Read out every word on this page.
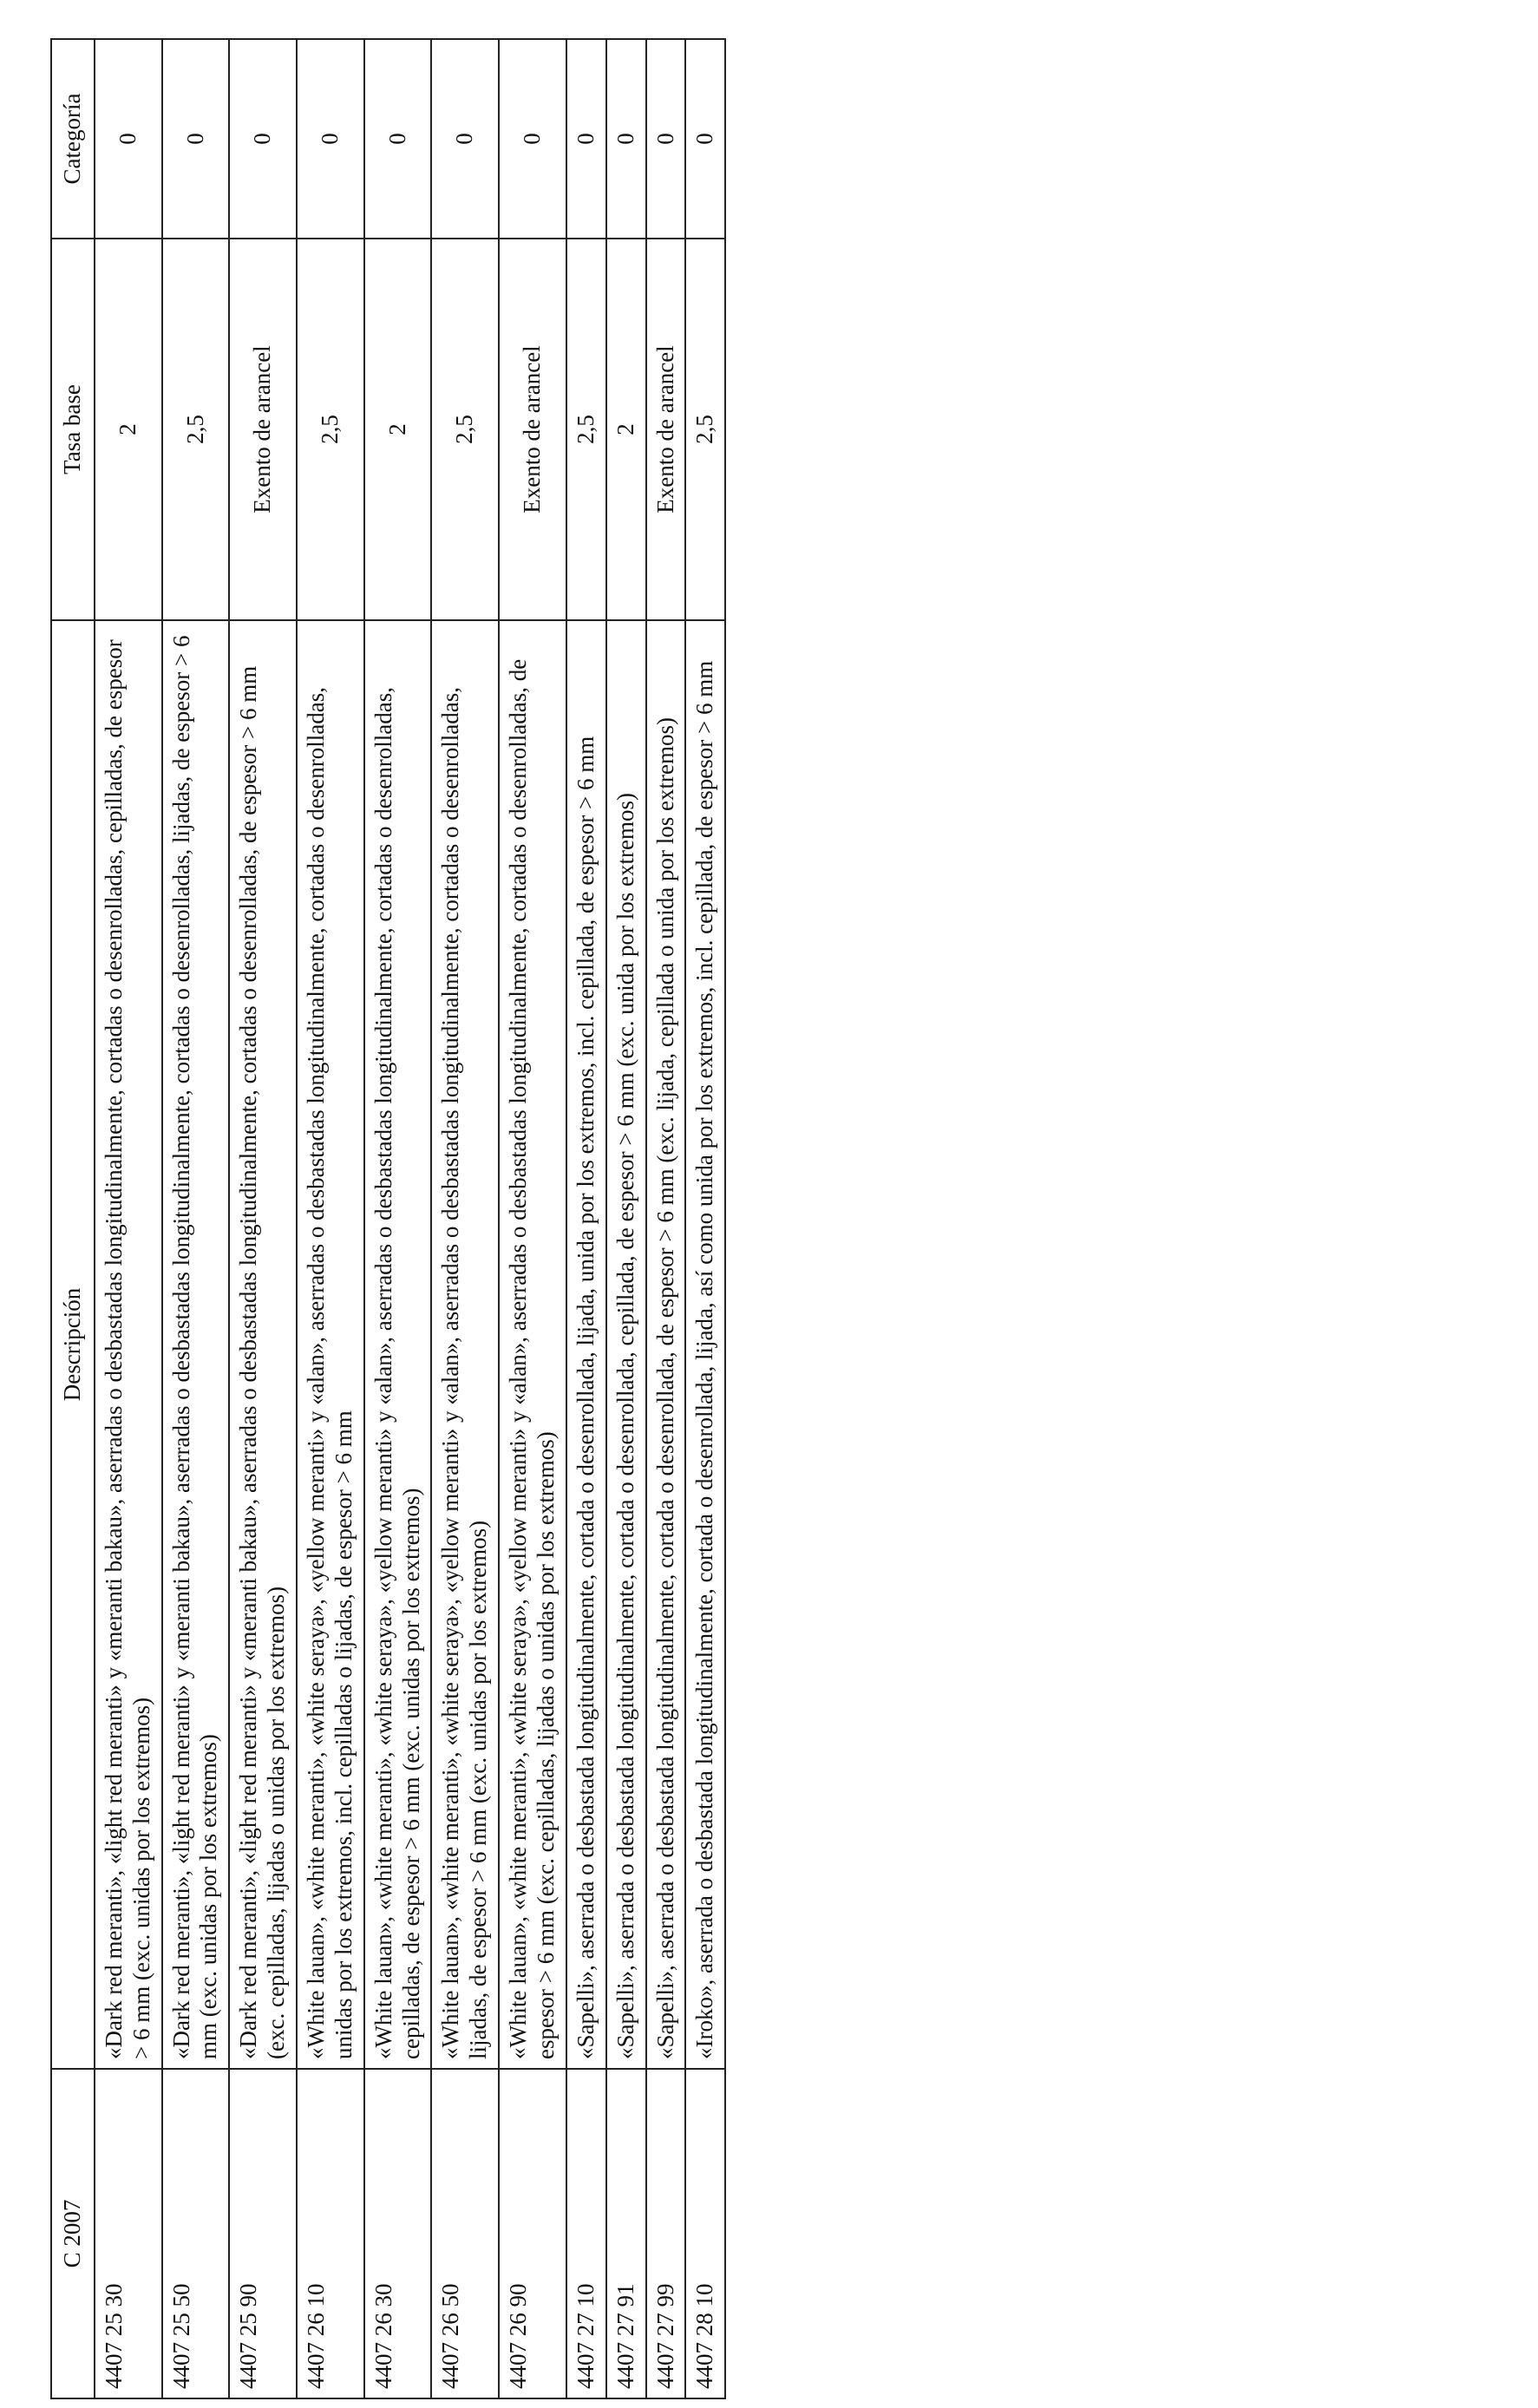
C 2007	Descripción	Tasa base	Categoría
4407 25 30	«Dark red meranti», «light red meranti» y «meranti bakau», aserradas o desbastadas longitudinalmente, cortadas o desenrolladas, cepilladas, de espesor > 6 mm (exc. unidas por los extremos)	2	0
4407 25 50	«Dark red meranti», «light red meranti» y «meranti bakau», aserradas o desbastadas longitudinalmente, cortadas o desenrolladas, lijadas, de espesor > 6 mm (exc. unidas por los extremos)	2,5	0
4407 25 90	«Dark red meranti», «light red meranti» y «meranti bakau», aserradas o desbastadas longitudinalmente, cortadas o desenrolladas, de espesor > 6 mm (exc. cepilladas, lijadas o unidas por los extremos)	Exento de arancel	0
4407 26 10	«White lauan», «white meranti», «white seraya», «yellow meranti» y «alan», aserradas o desbastadas longitudinalmente, cortadas o desenrolladas, unidas por los extremos, incl. cepilladas o lijadas, de espesor > 6 mm	2,5	0
4407 26 30	«White lauan», «white meranti», «white seraya», «yellow meranti» y «alan», aserradas o desbastadas longitudinalmente, cortadas o desenrolladas, cepilladas, de espesor > 6 mm (exc. unidas por los extremos)	2	0
4407 26 50	«White lauan», «white meranti», «white seraya», «yellow meranti» y «alan», aserradas o desbastadas longitudinalmente, cortadas o desenrolladas, lijadas, de espesor > 6 mm (exc. unidas por los extremos)	2,5	0
4407 26 90	«White lauan», «white meranti», «white seraya», «yellow meranti» y «alan», aserradas o desbastadas longitudinalmente, cortadas o desenrolladas, de espesor > 6 mm (exc. cepilladas, lijadas o unidas por los extremos)	Exento de arancel	0
4407 27 10	«Sapelli», aserrada o desbastada longitudinalmente, cortada o desenrollada, lijada, unida por los extremos, incl. cepillada, de espesor > 6 mm	2,5	0
4407 27 91	«Sapelli», aserrada o desbastada longitudinalmente, cortada o desenrollada, cepillada, de espesor > 6 mm (exc. unida por los extremos)	2	0
4407 27 99	«Sapelli», aserrada o desbastada longitudinalmente, cortada o desenrollada, de espesor > 6 mm (exc. lijada, cepillada o unida por los extremos)	Exento de arancel	0
4407 28 10	«Iroko», aserrada o desbastada longitudinalmente, cortada o desenrollada, lijada, así como unida por los extremos, incl. cepillada, de espesor > 6 mm	2,5	0
